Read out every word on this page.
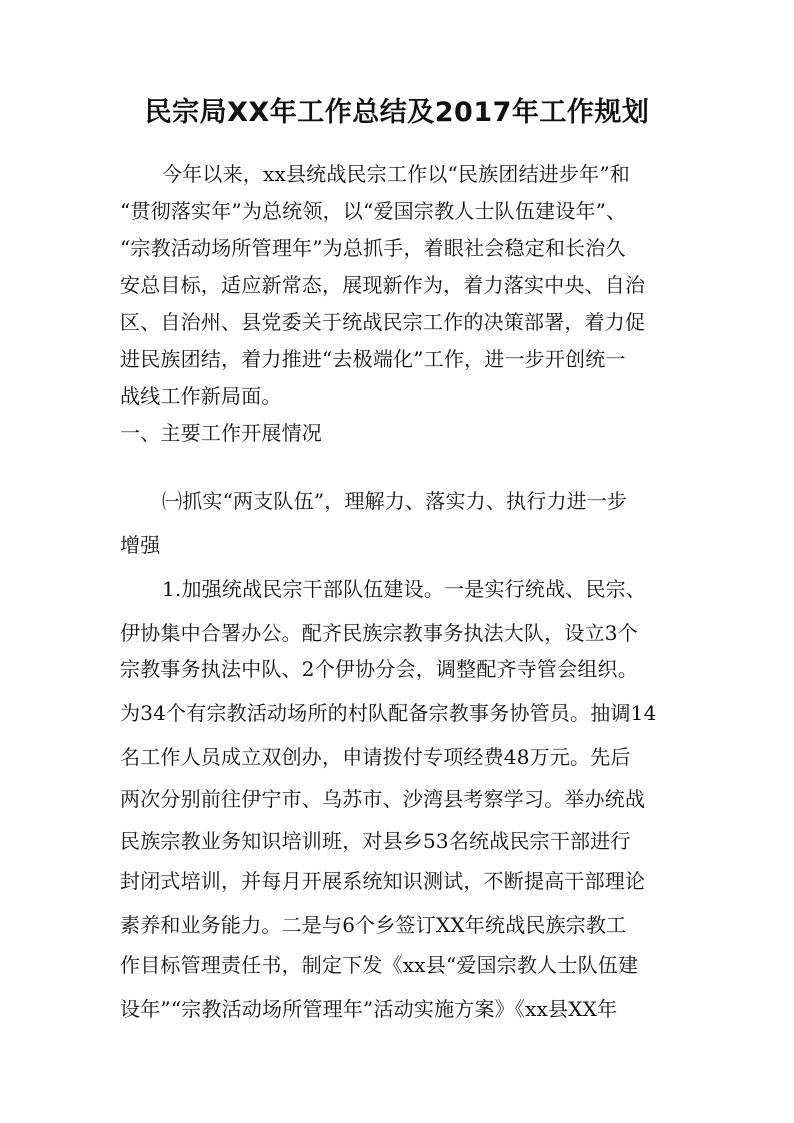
民宗局XX年工作总结及2017年工作规划
今年以来，xx县统战民宗工作以“民族团结进步年”和
“贯彻落实年”为总统领，以“爱国宗教人士队伍建设年”、
“宗教活动场所管理年”为总抓手，着眼社会稳定和长治久
安总目标，适应新常态，展现新作为，着力落实中央、自治
区、自治州、县党委关于统战民宗工作的决策部署，着力促
进民族团结，着力推进“去极端化”工作，进一步开创统一
战线工作新局面。
一、主要工作开展情况
㈠抓实“两支队伍”，理解力、落实力、执行力进一步
增强
1.加强统战民宗干部队伍建设。一是实行统战、民宗、
伊协集中合署办公。配齐民族宗教事务执法大队，设立3个
宗教事务执法中队、2个伊协分会，调整配齐寺管会组织。
为34个有宗教活动场所的村队配备宗教事务协管员。抽调14
名工作人员成立双创办，申请拨付专项经费48万元。先后
两次分别前往伊宁市、乌苏市、沙湾县考察学习。举办统战
民族宗教业务知识培训班，对县乡53名统战民宗干部进行
封闭式培训，并每月开展系统知识测试，不断提高干部理论
素养和业务能力。二是与6个乡签订XX年统战民族宗教工
作目标管理责任书，制定下发《xx县“爱国宗教人士队伍建
设年”“宗教活动场所管理年”活动实施方案》《xx县XX年
